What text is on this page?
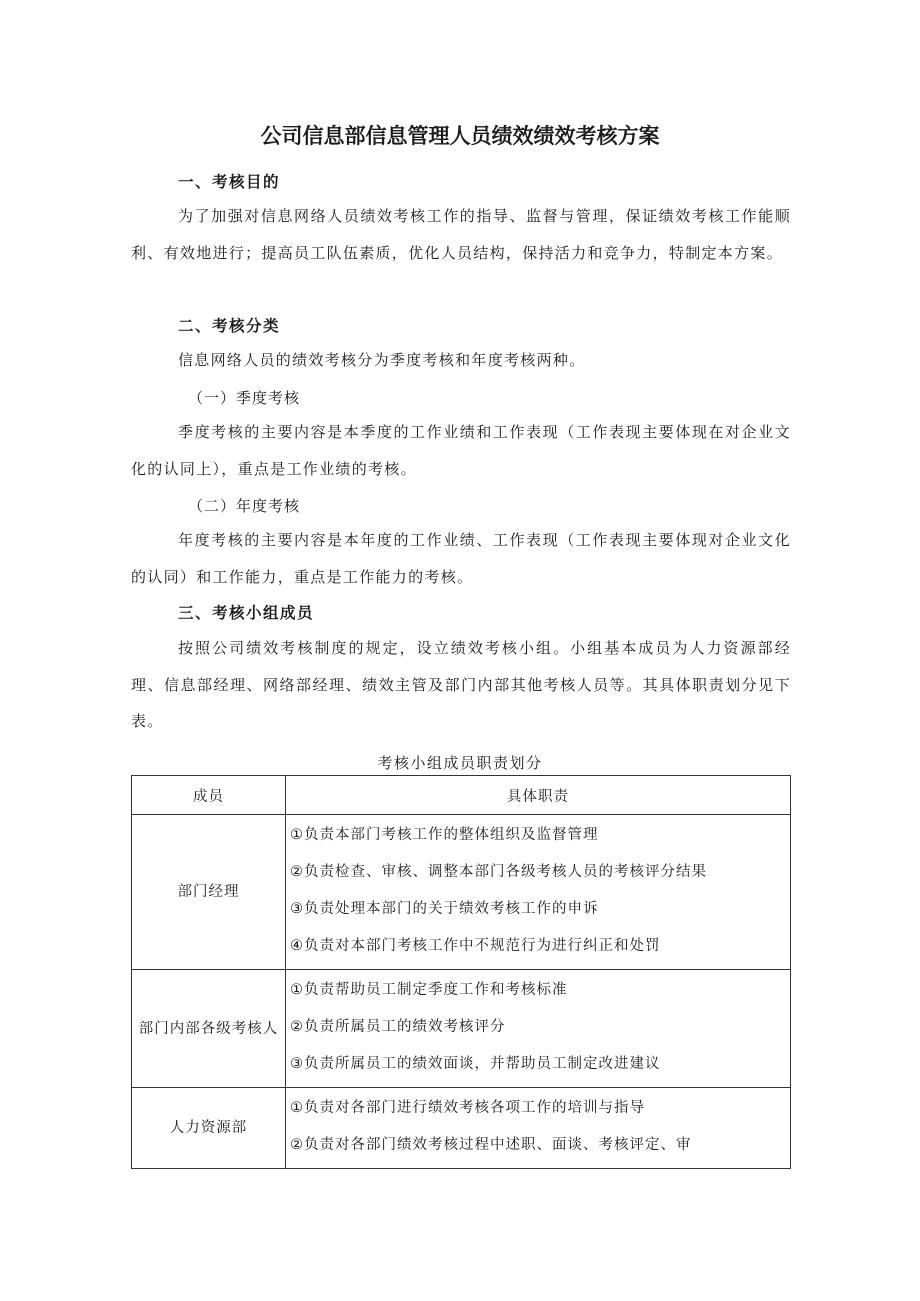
公司信息部信息管理人员绩效绩效考核方案
一、考核目的
为了加强对信息网络人员绩效考核工作的指导、监督与管理，保证绩效考核工作能顺利、有效地进行；提高员工队伍素质，优化人员结构，保持活力和竞争力，特制定本方案。
二、考核分类
信息网络人员的绩效考核分为季度考核和年度考核两种。
（一）季度考核
季度考核的主要内容是本季度的工作业绩和工作表现（工作表现主要体现在对企业文化的认同上），重点是工作业绩的考核。
（二）年度考核
年度考核的主要内容是本年度的工作业绩、工作表现（工作表现主要体现对企业文化的认同）和工作能力，重点是工作能力的考核。
三、考核小组成员
按照公司绩效考核制度的规定，设立绩效考核小组。小组基本成员为人力资源部经理、信息部经理、网络部经理、绩效主管及部门内部其他考核人员等。其具体职责划分见下表。
考核小组成员职责划分
成员	具体职责
部门经理	①负责本部门考核工作的整体组织及监督管理
②负责检查、审核、调整本部门各级考核人员的考核评分结果
③负责处理本部门的关于绩效考核工作的申诉
④负责对本部门考核工作中不规范行为进行纠正和处罚

部门内部各级考核人	①负责帮助员工制定季度工作和考核标准
②负责所属员工的绩效考核评分
③负责所属员工的绩效面谈，并帮助员工制定改进建议

人力资源部	①负责对各部门进行绩效考核各项工作的培训与指导
②负责对各部门绩效考核过程中述职、面谈、考核评定、审
